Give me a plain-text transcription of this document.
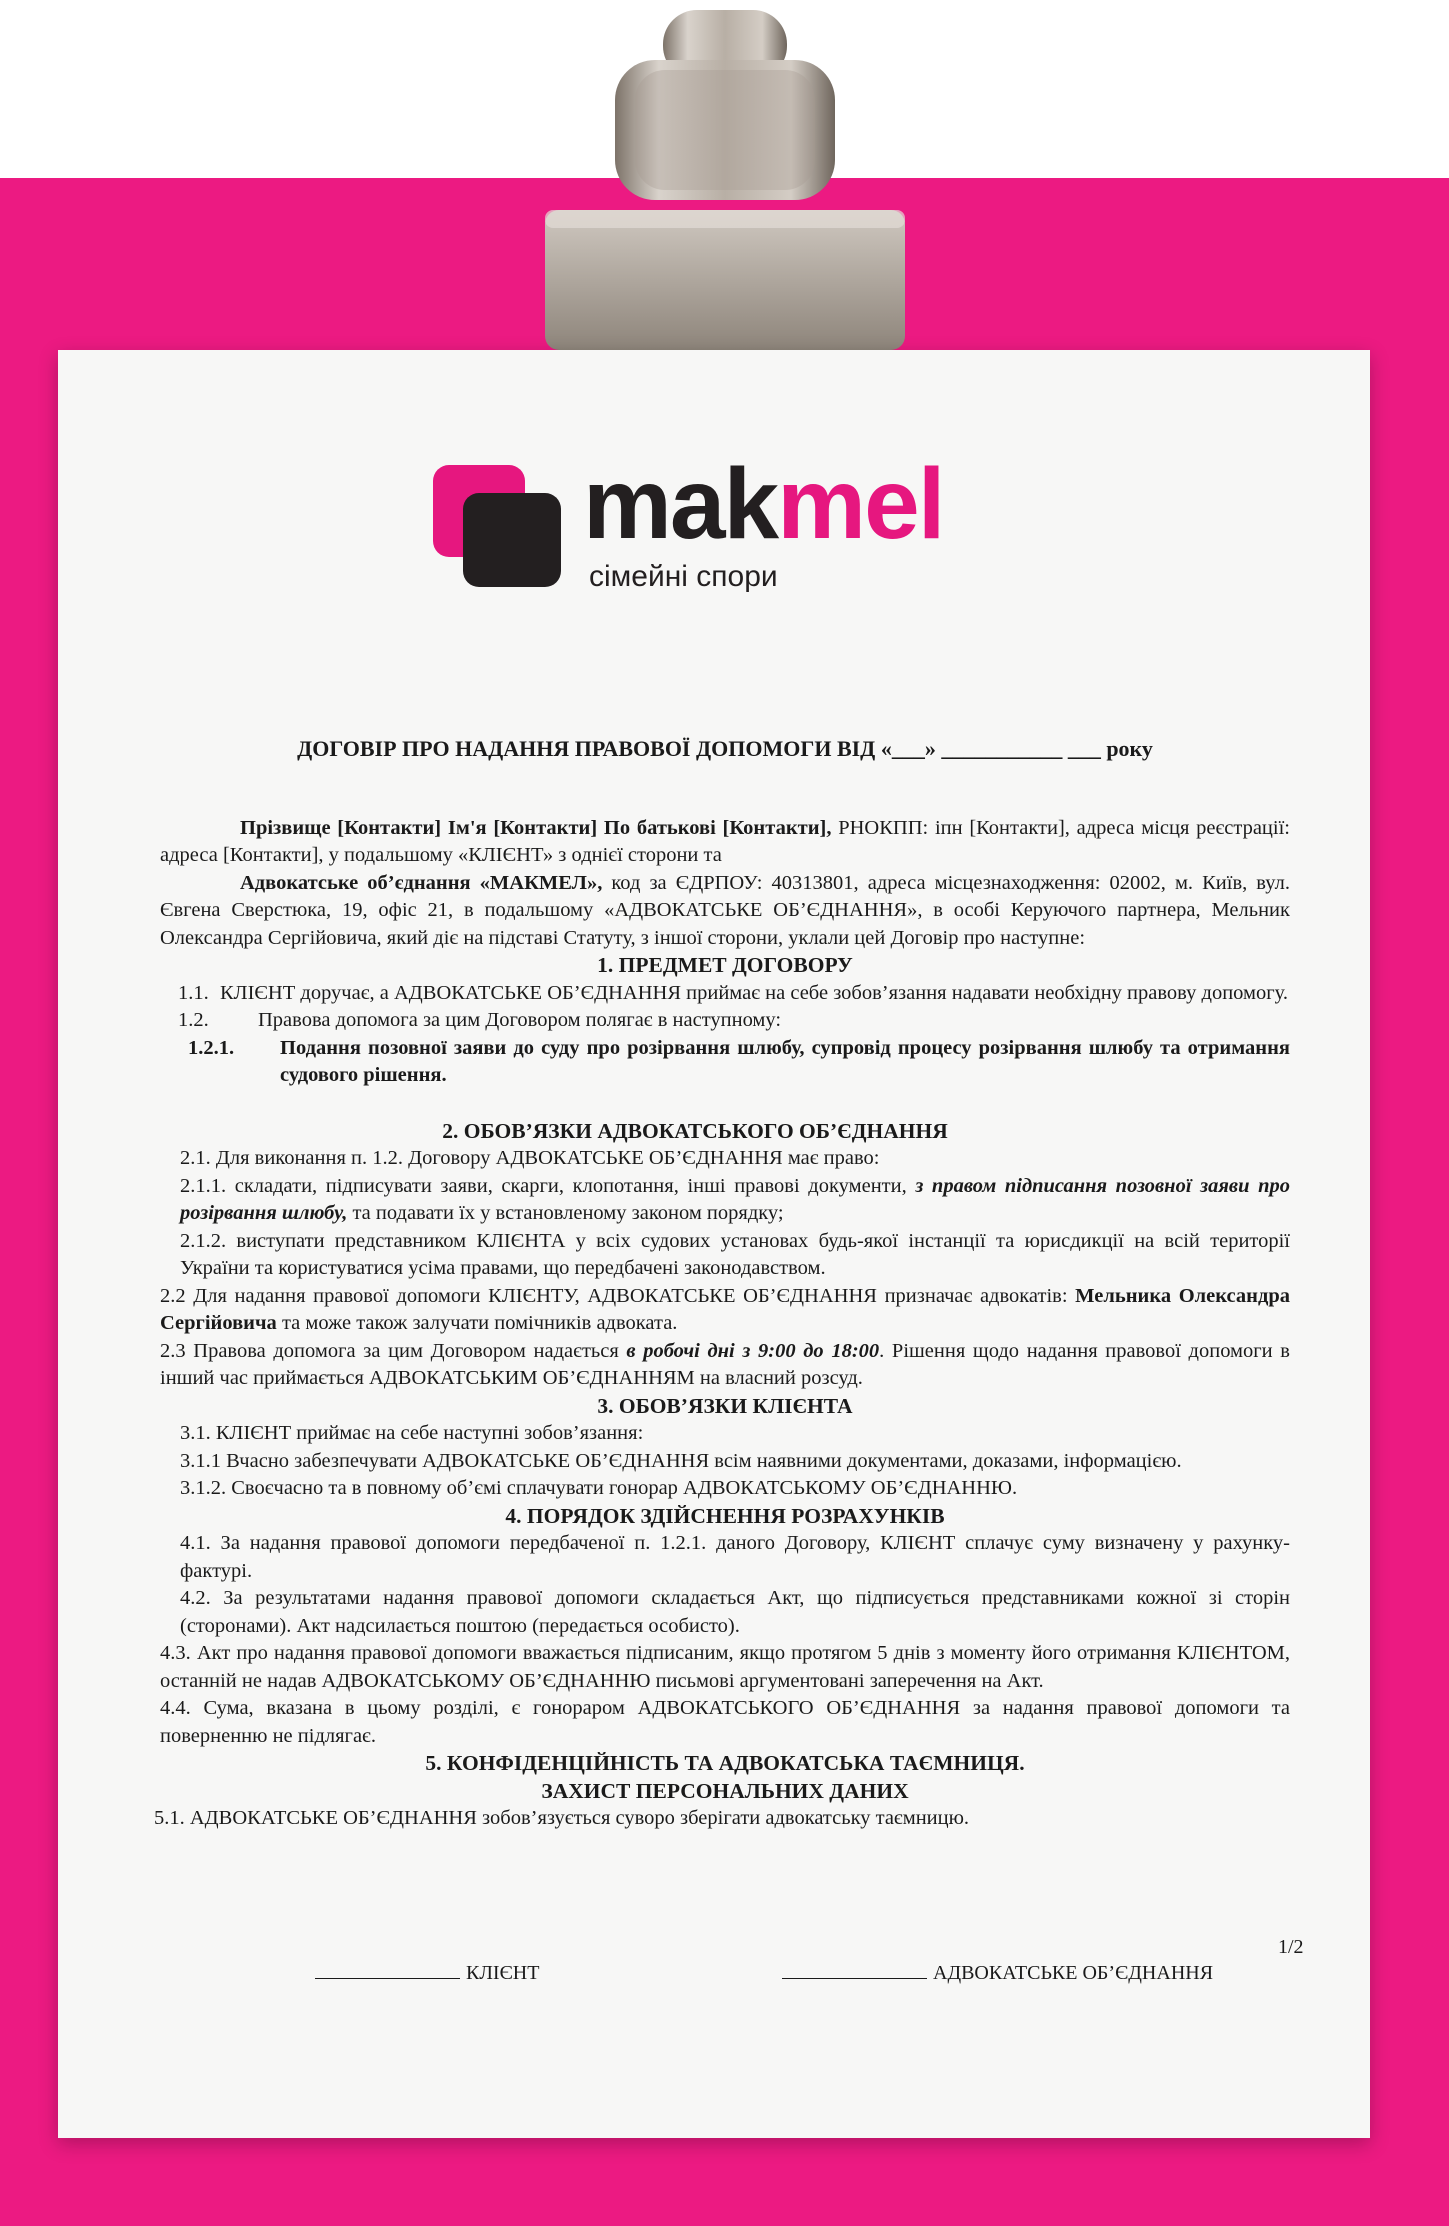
makmel
сімейні спори
ДОГОВІР ПРО НАДАННЯ ПРАВОВОЇ ДОПОМОГИ ВІД «___» ___________ ___ року
Прізвище [Контакти] Ім'я [Контакти] По батькові [Контакти], РНОКПП: іпн [Контакти], адреса місця реєстрації: адреса [Контакти], у подальшому «КЛІЄНТ» з однієї сторони та
Адвокатське об’єднання «МАКМЕЛ», код за ЄДРПОУ: 40313801, адреса місцезнаходження: 02002, м. Київ, вул. Євгена Сверстюка, 19, офіс 21, в подальшому «АДВОКАТСЬКЕ ОБ’ЄДНАННЯ», в особі Керуючого партнера, Мельник Олександра Сергійовича, який діє на підставі Статуту, з іншої сторони, уклали цей Договір про наступне:
1. ПРЕДМЕТ ДОГОВОРУ
1.1. КЛІЄНТ доручає, а АДВОКАТСЬКЕ ОБ’ЄДНАННЯ приймає на себе зобов’язання надавати необхідну правову допомогу.
1.2. Правова допомога за цим Договором полягає в наступному:
1.2.1. Подання позовної заяви до суду про розірвання шлюбу, супровід процесу розірвання шлюбу та отримання судового рішення.
2. ОБОВ’ЯЗКИ АДВОКАТСЬКОГО ОБ’ЄДНАННЯ
2.1. Для виконання п. 1.2. Договору АДВОКАТСЬКЕ ОБ’ЄДНАННЯ має право:
2.1.1. складати, підписувати заяви, скарги, клопотання, інші правові документи, з правом підписання позовної заяви про розірвання шлюбу, та подавати їх у встановленому законом порядку;
2.1.2. виступати представником КЛІЄНТА у всіх судових установах будь-якої інстанції та юрисдикції на всій території України та користуватися усіма правами, що передбачені законодавством.
2.2 Для надання правової допомоги КЛІЄНТУ, АДВОКАТСЬКЕ ОБ’ЄДНАННЯ призначає адвокатів: Мельника Олександра Сергійовича та може також залучати помічників адвоката.
2.3 Правова допомога за цим Договором надається в робочі дні з 9:00 до 18:00. Рішення щодо надання правової допомоги в інший час приймається АДВОКАТСЬКИМ ОБ’ЄДНАННЯМ на власний розсуд.
3. ОБОВ’ЯЗКИ КЛІЄНТА
3.1. КЛІЄНТ приймає на себе наступні зобов’язання:
3.1.1 Вчасно забезпечувати АДВОКАТСЬКЕ ОБ’ЄДНАННЯ всім наявними документами, доказами, інформацією.
3.1.2. Своєчасно та в повному об’ємі сплачувати гонорар АДВОКАТСЬКОМУ ОБ’ЄДНАННЮ.
4. ПОРЯДОК ЗДІЙСНЕННЯ РОЗРАХУНКІВ
4.1. За надання правової допомоги передбаченої п. 1.2.1. даного Договору, КЛІЄНТ сплачує суму визначену у рахунку-фактурі.
4.2. За результатами надання правової допомоги складається Акт, що підписується представниками кожної зі сторін (сторонами). Акт надсилається поштою (передається особисто).
4.3. Акт про надання правової допомоги вважається підписаним, якщо протягом 5 днів з моменту його отримання КЛІЄНТОМ, останній не надав АДВОКАТСЬКОМУ ОБ’ЄДНАННЮ письмові аргументовані заперечення на Акт.
4.4. Сума, вказана в цьому розділі, є гонораром АДВОКАТСЬКОГО ОБ’ЄДНАННЯ за надання правової допомоги та поверненню не підлягає.
5. КОНФІДЕНЦІЙНІСТЬ ТА АДВОКАТСЬКА ТАЄМНИЦЯ.
ЗАХИСТ ПЕРСОНАЛЬНИХ ДАНИХ
5.1. АДВОКАТСЬКЕ ОБ’ЄДНАННЯ зобов’язується суворо зберігати адвокатську таємницю.
1/2
КЛІЄНТ	АДВОКАТСЬКЕ ОБ’ЄДНАННЯ
